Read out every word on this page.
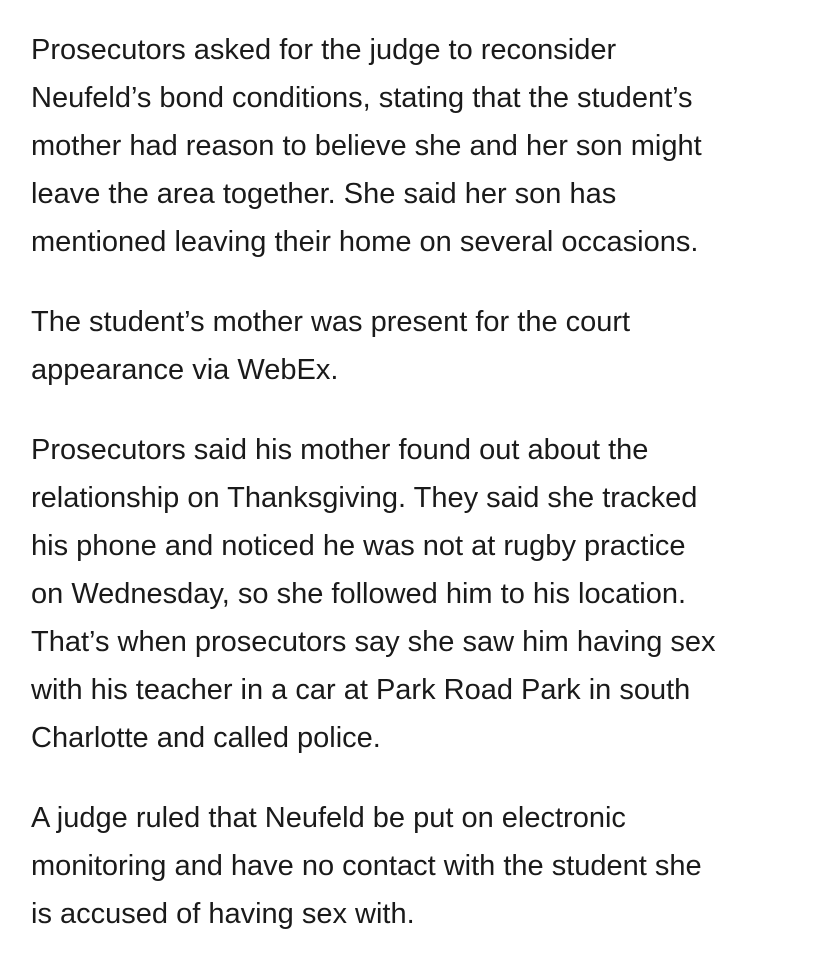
Prosecutors asked for the judge to reconsider
Neufeld’s bond conditions, stating that the student’s
mother had reason to believe she and her son might
leave the area together. She said her son has
mentioned leaving their home on several occasions.

The student’s mother was present for the court
appearance via WebEx.

Prosecutors said his mother found out about the
relationship on Thanksgiving. They said she tracked
his phone and noticed he was not at rugby practice
on Wednesday, so she followed him to his location.
That’s when prosecutors say she saw him having sex
with his teacher in a car at Park Road Park in south
Charlotte and called police.

A judge ruled that Neufeld be put on electronic
monitoring and have no contact with the student she
is accused of having sex with.
